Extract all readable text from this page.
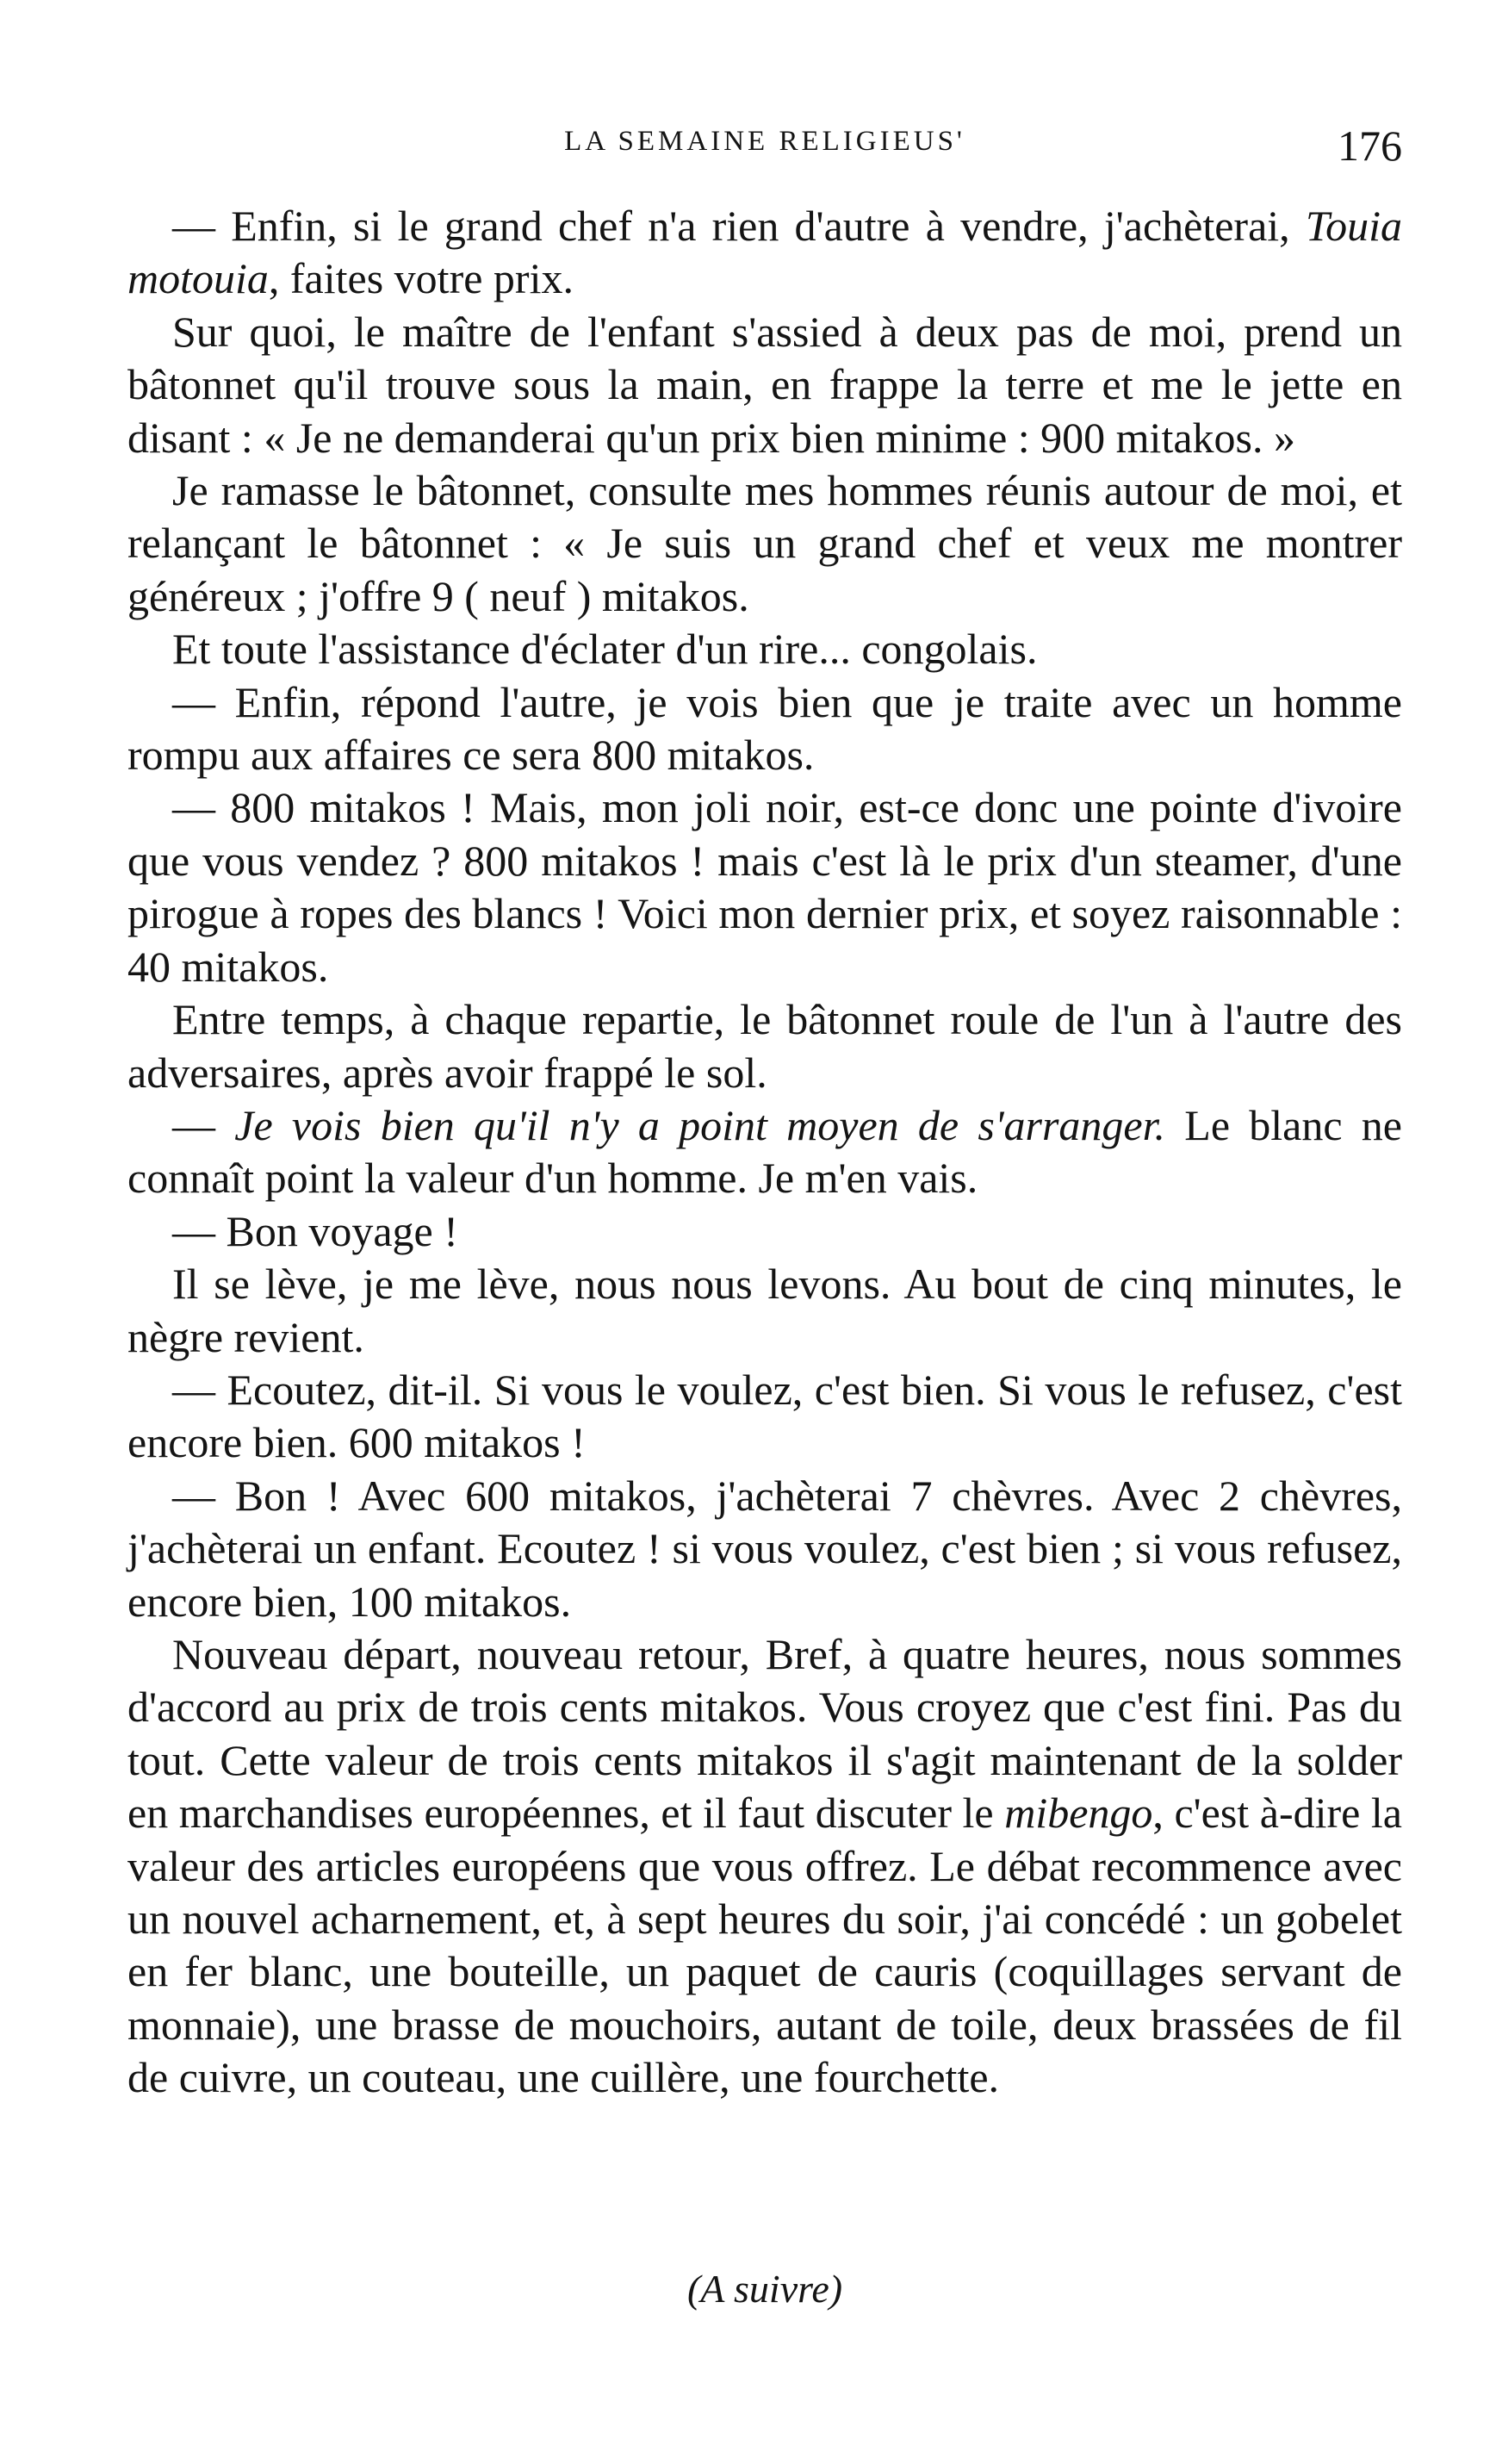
LA SEMAINE RELIGIEUS'	176

— Enfin, si le grand chef n'a rien d'autre à vendre, j'achèterai, Touia motouia, faites votre prix.

Sur quoi, le maître de l'enfant s'assied à deux pas de moi, prend un bâtonnet qu'il trouve sous la main, en frappe la terre et me le jette en disant : « Je ne demanderai qu'un prix bien minime : 900 mitakos. »

Je ramasse le bâtonnet, consulte mes hommes réunis autour de moi, et relançant le bâtonnet : « Je suis un grand chef et veux me montrer généreux ; j'offre 9 ( neuf ) mitakos.

Et toute l'assistance d'éclater d'un rire... congolais.

— Enfin, répond l'autre, je vois bien que je traite avec un homme rompu aux affaires ce sera 800 mitakos.

— 800 mitakos ! Mais, mon joli noir, est-ce donc une pointe d'ivoire que vous vendez ? 800 mitakos ! mais c'est là le prix d'un steamer, d'une pirogue à ropes des blancs ! Voici mon dernier prix, et soyez raisonnable : 40 mitakos.

Entre temps, à chaque repartie, le bâtonnet roule de l'un à l'autre des adversaires, après avoir frappé le sol.

— Je vois bien qu'il n'y a point moyen de s'arranger. Le blanc ne connaît point la valeur d'un homme. Je m'en vais.

— Bon voyage !

Il se lève, je me lève, nous nous levons. Au bout de cinq minutes, le nègre revient.

— Ecoutez, dit-il. Si vous le voulez, c'est bien. Si vous le refusez, c'est encore bien. 600 mitakos !

— Bon ! Avec 600 mitakos, j'achèterai 7 chèvres. Avec 2 chèvres, j'achèterai un enfant. Ecoutez ! si vous voulez, c'est bien ; si vous refusez, encore bien, 100 mitakos.

Nouveau départ, nouveau retour, Bref, à quatre heures, nous sommes d'accord au prix de trois cents mitakos. Vous croyez que c'est fini. Pas du tout. Cette valeur de trois cents mitakos il s'agit maintenant de la solder en marchandises européennes, et il faut discuter le mibengo, c'est à-dire la valeur des articles européens que vous offrez. Le débat recommence avec un nouvel acharnement, et, à sept heures du soir, j'ai concédé : un gobelet en fer blanc, une bouteille, un paquet de cauris (coquillages servant de monnaie), une brasse de mouchoirs, autant de toile, deux brassées de fil de cuivre, un couteau, une cuillère, une fourchette.

(A suivre)
